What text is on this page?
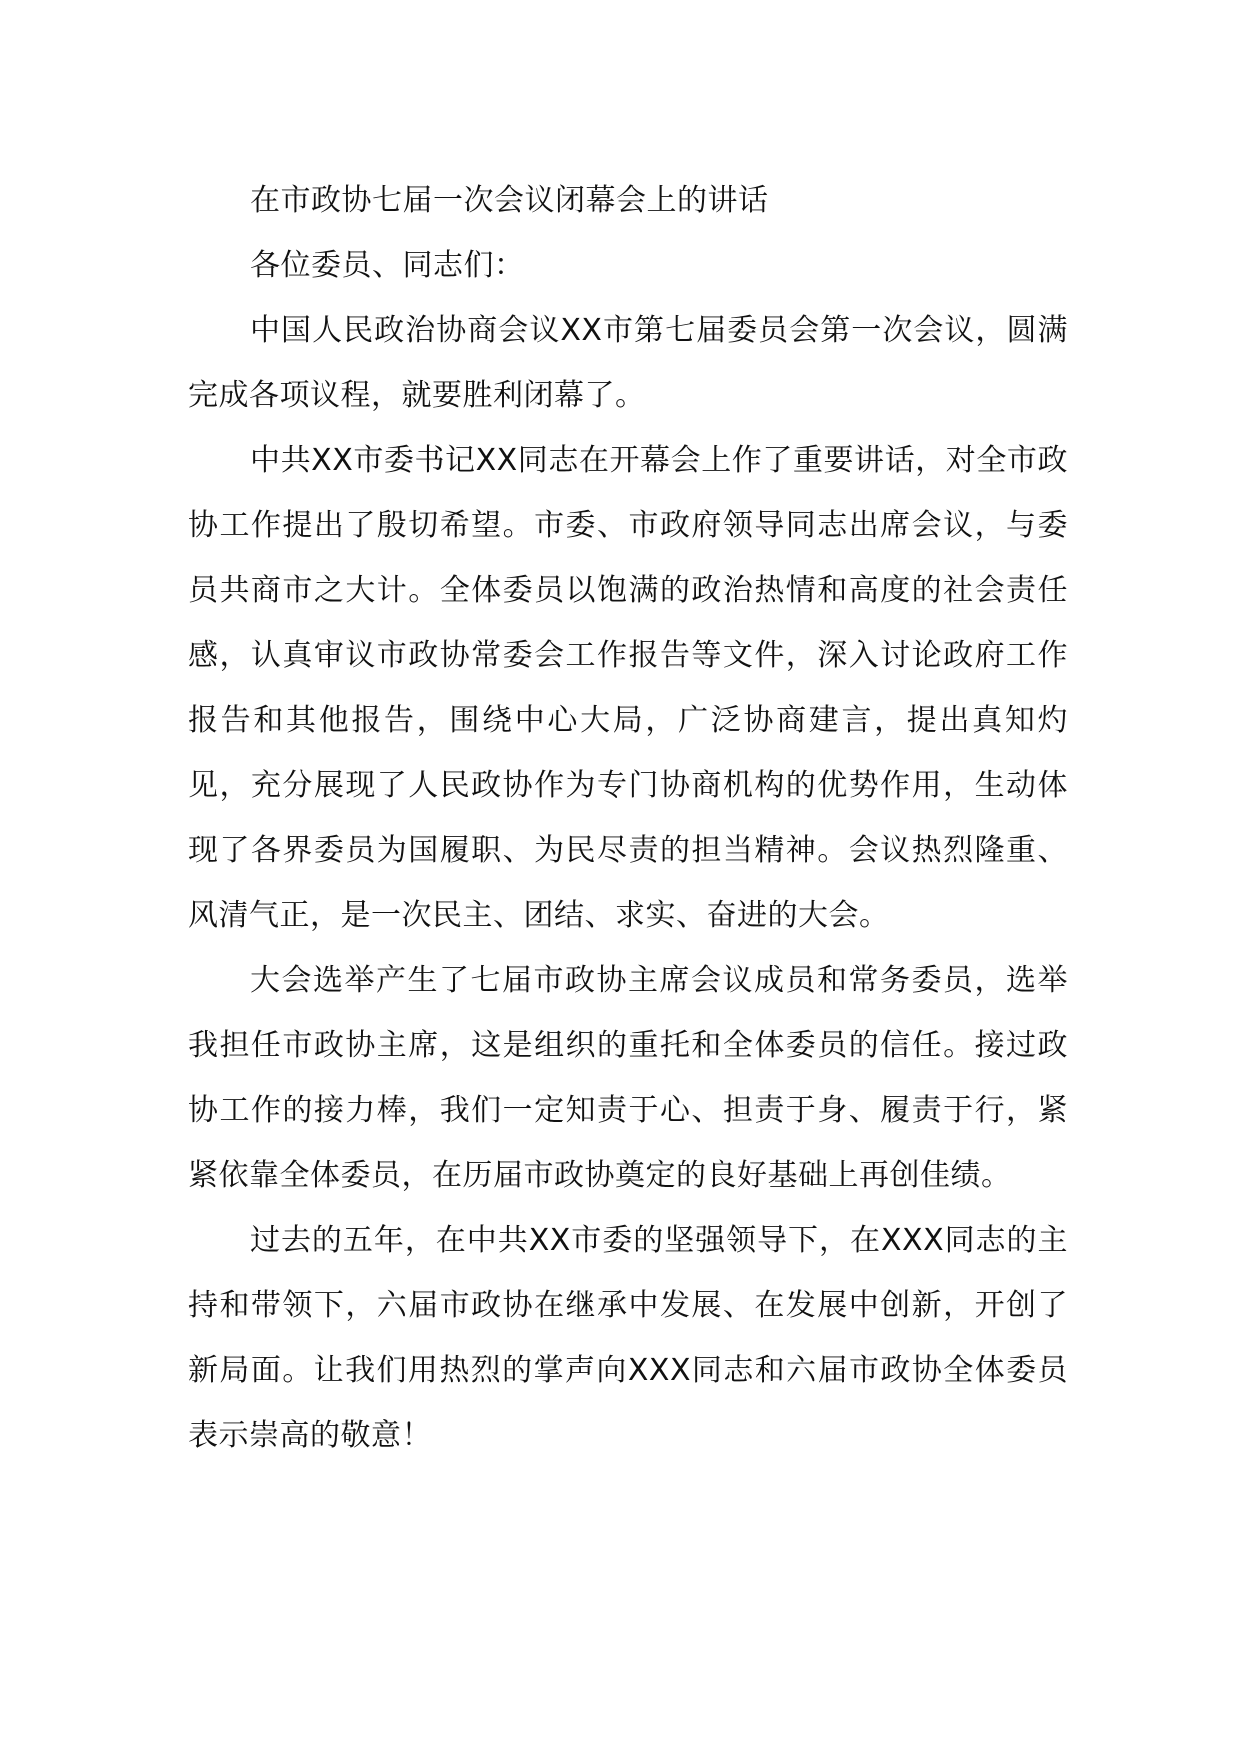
在市政协七届一次会议闭幕会上的讲话

各位委员、同志们：

中国人民政治协商会议XX市第七届委员会第一次会议，圆满完成各项议程，就要胜利闭幕了。

中共XX市委书记XX同志在开幕会上作了重要讲话，对全市政协工作提出了殷切希望。市委、市政府领导同志出席会议，与委员共商市之大计。全体委员以饱满的政治热情和高度的社会责任感，认真审议市政协常委会工作报告等文件，深入讨论政府工作报告和其他报告，围绕中心大局，广泛协商建言，提出真知灼见，充分展现了人民政协作为专门协商机构的优势作用，生动体现了各界委员为国履职、为民尽责的担当精神。会议热烈隆重、风清气正，是一次民主、团结、求实、奋进的大会。

大会选举产生了七届市政协主席会议成员和常务委员，选举我担任市政协主席，这是组织的重托和全体委员的信任。接过政协工作的接力棒，我们一定知责于心、担责于身、履责于行，紧紧依靠全体委员，在历届市政协奠定的良好基础上再创佳绩。

过去的五年，在中共XX市委的坚强领导下，在XXX同志的主持和带领下，六届市政协在继承中发展、在发展中创新，开创了新局面。让我们用热烈的掌声向XXX同志和六届市政协全体委员表示崇高的敬意！
